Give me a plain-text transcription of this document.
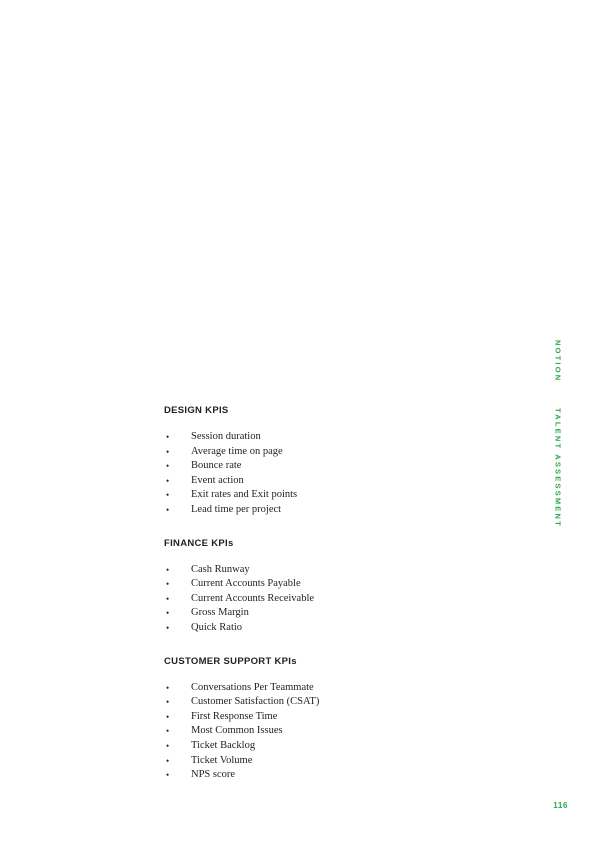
NOTION
TALENT ASSESSMENT
116
DESIGN KPIS
• Session duration
• Average time on page
• Bounce rate
• Event action
• Exit rates and Exit points
• Lead time per project
FINANCE KPIs
• Cash Runway
• Current Accounts Payable
• Current Accounts Receivable
• Gross Margin
• Quick Ratio
CUSTOMER SUPPORT KPIs
• Conversations Per Teammate
• Customer Satisfaction (CSAT)
• First Response Time
• Most Common Issues
• Ticket Backlog
• Ticket Volume
• NPS score
